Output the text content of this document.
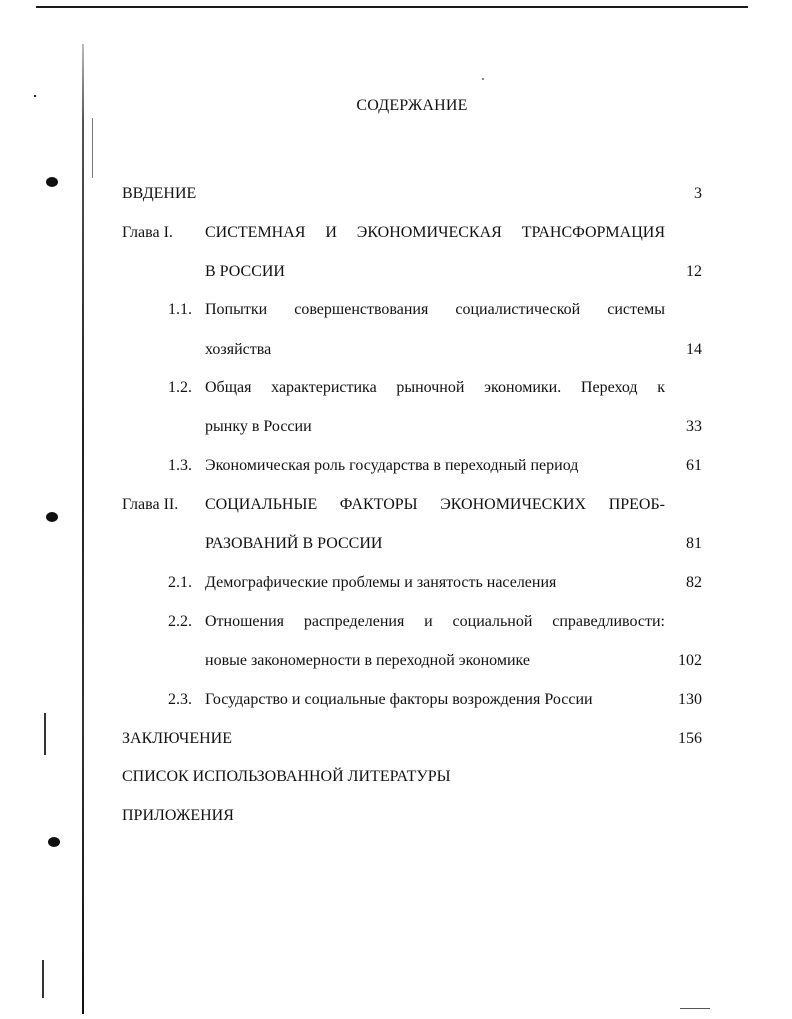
СОДЕРЖАНИЕ
ВВДЕНИЕ	3
Глава I. СИСТЕМНАЯ И ЭКОНОМИЧЕСКАЯ ТРАНСФОРМАЦИЯ
В РОССИИ	12
1.1. Попытки совершенствования социалистической системы
хозяйства	14
1.2. Общая характеристика рыночной экономики. Переход к
рынку в России	33
1.3. Экономическая роль государства в переходный период	61
Глава II. СОЦИАЛЬНЫЕ ФАКТОРЫ ЭКОНОМИЧЕСКИХ ПРЕОБ-
РАЗОВАНИЙ В РОССИИ	81
2.1. Демографические проблемы и занятость населения	82
2.2. Отношения распределения и социальной справедливости:
новые закономерности в переходной экономике	102
2.3. Государство и социальные факторы возрождения России	130
ЗАКЛЮЧЕНИЕ	156
СПИСОК ИСПОЛЬЗОВАННОЙ ЛИТЕРАТУРЫ
ПРИЛОЖЕНИЯ
